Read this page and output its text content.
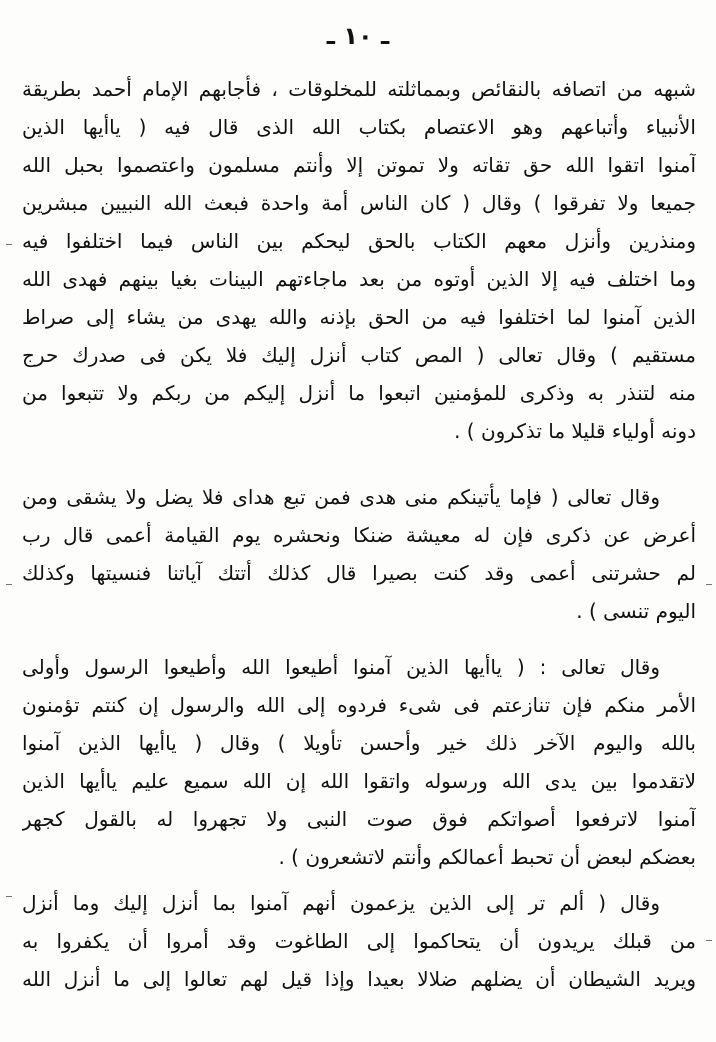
ـ ١٠ ـ
شبهه من اتصافه بالنقائص وبمماثلته للمخلوقات ، فأجابهم الإمام أحمد بطريقة
الأنبياء وأتباعهم وهو الاعتصام بكتاب الله الذى قال فيه ( ياأيها الذين
آمنوا اتقوا الله حق تقاته ولا تموتن إلا وأنتم مسلمون واعتصموا بحبل الله
جميعا ولا تفرقوا ) وقال ( كان الناس أمة واحدة فبعث الله النبيين مبشرين
ومنذرين وأنزل معهم الكتاب بالحق ليحكم بين الناس فيما اختلفوا فيه
وما اختلف فيه إلا الذين أوتوه من بعد ماجاءتهم البينات بغيا بينهم فهدى الله
الذين آمنوا لما اختلفوا فيه من الحق بإذنه والله يهدى من يشاء إلى صراط
مستقيم ) وقال تعالى ( المص كتاب أنزل إليك فلا يكن فى صدرك حرج
منه لتنذر به وذكرى للمؤمنين اتبعوا ما أنزل إليكم من ربكم ولا تتبعوا من
دونه أولياء قليلا ما تذكرون ) .
وقال تعالى ( فإما يأتينكم منى هدى فمن تبع هداى فلا يضل ولا يشقى ومن
أعرض عن ذكرى فإن له معيشة ضنكا ونحشره يوم القيامة أعمى قال رب
لم حشرتنى أعمى وقد كنت بصيرا قال كذلك أتتك آياتنا فنسيتها وكذلك
اليوم تنسى ) .
وقال تعالى : ( ياأيها الذين آمنوا أطيعوا الله وأطيعوا الرسول وأولى
الأمر منكم فإن تنازعتم فى شىء فردوه إلى الله والرسول إن كنتم تؤمنون
بالله واليوم الآخر ذلك خير وأحسن تأويلا ) وقال ( ياأيها الذين آمنوا
لاتقدموا بين يدى الله ورسوله واتقوا الله إن الله سميع عليم ياأيها الذين
آمنوا لاترفعوا أصواتكم فوق صوت النبى ولا تجهروا له بالقول كجهر
بعضكم لبعض أن تحبط أعمالكم وأنتم لاتشعرون ) .
وقال ( ألم تر إلى الذين يزعمون أنهم آمنوا بما أنزل إليك وما أنزل
من قبلك يريدون أن يتحاكموا إلى الطاغوت وقد أمروا أن يكفروا به
ويريد الشيطان أن يضلهم ضلالا بعيدا وإذا قيل لهم تعالوا إلى ما أنزل الله
